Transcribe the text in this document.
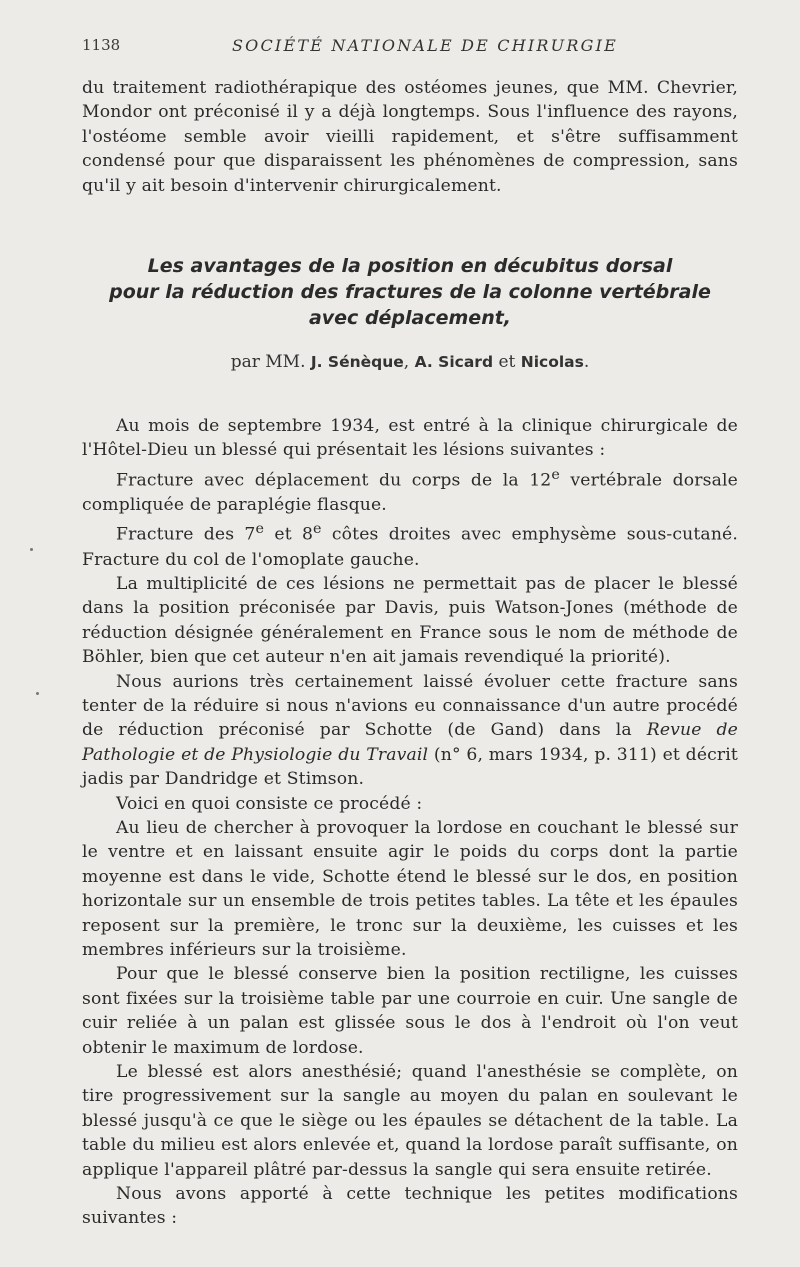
1138	SOCIÉTÉ NATIONALE DE CHIRURGIE

du traitement radiothérapique des ostéomes jeunes, que MM. Chevrier, Mondor ont préconisé il y a déjà longtemps. Sous l'influence des rayons, l'ostéome semble avoir vieilli rapidement, et s'être suffisamment condensé pour que disparaissent les phénomènes de compression, sans qu'il y ait besoin d'intervenir chirurgicalement.

Les avantages de la position en décubitus dorsal
pour la réduction des fractures de la colonne vertébrale
avec déplacement,
par MM. J. Sénèque, A. Sicard et Nicolas.

Au mois de septembre 1934, est entré à la clinique chirurgicale de l'Hôtel-Dieu un blessé qui présentait les lésions suivantes :

Fracture avec déplacement du corps de la 12e vertébrale dorsale compliquée de paraplégie flasque.

Fracture des 7e et 8e côtes droites avec emphysème sous-cutané. Fracture du col de l'omoplate gauche.

La multiplicité de ces lésions ne permettait pas de placer le blessé dans la position préconisée par Davis, puis Watson-Jones (méthode de réduction désignée généralement en France sous le nom de méthode de Böhler, bien que cet auteur n'en ait jamais revendiqué la priorité).

Nous aurions très certainement laissé évoluer cette fracture sans tenter de la réduire si nous n'avions eu connaissance d'un autre procédé de réduction préconisé par Schotte (de Gand) dans la Revue de Pathologie et de Physiologie du Travail (n° 6, mars 1934, p. 311) et décrit jadis par Dandridge et Stimson.

Voici en quoi consiste ce procédé :

Au lieu de chercher à provoquer la lordose en couchant le blessé sur le ventre et en laissant ensuite agir le poids du corps dont la partie moyenne est dans le vide, Schotte étend le blessé sur le dos, en position horizontale sur un ensemble de trois petites tables. La tête et les épaules reposent sur la première, le tronc sur la deuxième, les cuisses et les membres inférieurs sur la troisième.

Pour que le blessé conserve bien la position rectiligne, les cuisses sont fixées sur la troisième table par une courroie en cuir. Une sangle de cuir reliée à un palan est glissée sous le dos à l'endroit où l'on veut obtenir le maximum de lordose.

Le blessé est alors anesthésié; quand l'anesthésie se complète, on tire progressivement sur la sangle au moyen du palan en soulevant le blessé jusqu'à ce que le siège ou les épaules se détachent de la table. La table du milieu est alors enlevée et, quand la lordose paraît suffisante, on applique l'appareil plâtré par-dessus la sangle qui sera ensuite retirée.

Nous avons apporté à cette technique les petites modifications suivantes :
